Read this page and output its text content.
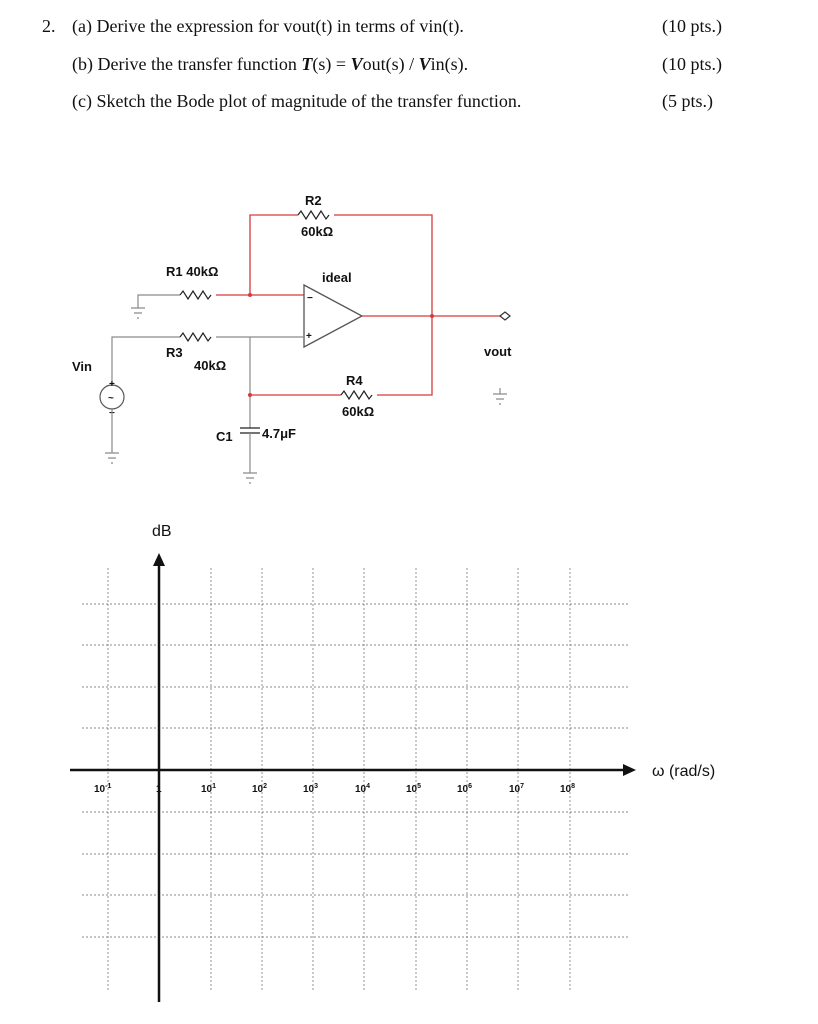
2. (a) Derive the expression for vout(t) in terms of vin(t).	(10 pts.)
(b) Derive the transfer function T(s) = Vout(s) / Vin(s).	(10 pts.)
(c) Sketch the Bode plot of magnitude of the transfer function.	(5 pts.)
R2
60kΩ
R1 40kΩ
−
+
ideal
vout
R3
40kΩ
C1 4.7μF
R4
60kΩ
Vin
+
~
−
dB
ω (rad/s)
$10^{-1}$	1	$10^1$	$10^2$	$10^3$	$10^4$	$10^5$	$10^6$	$10^7$	$10^8$
